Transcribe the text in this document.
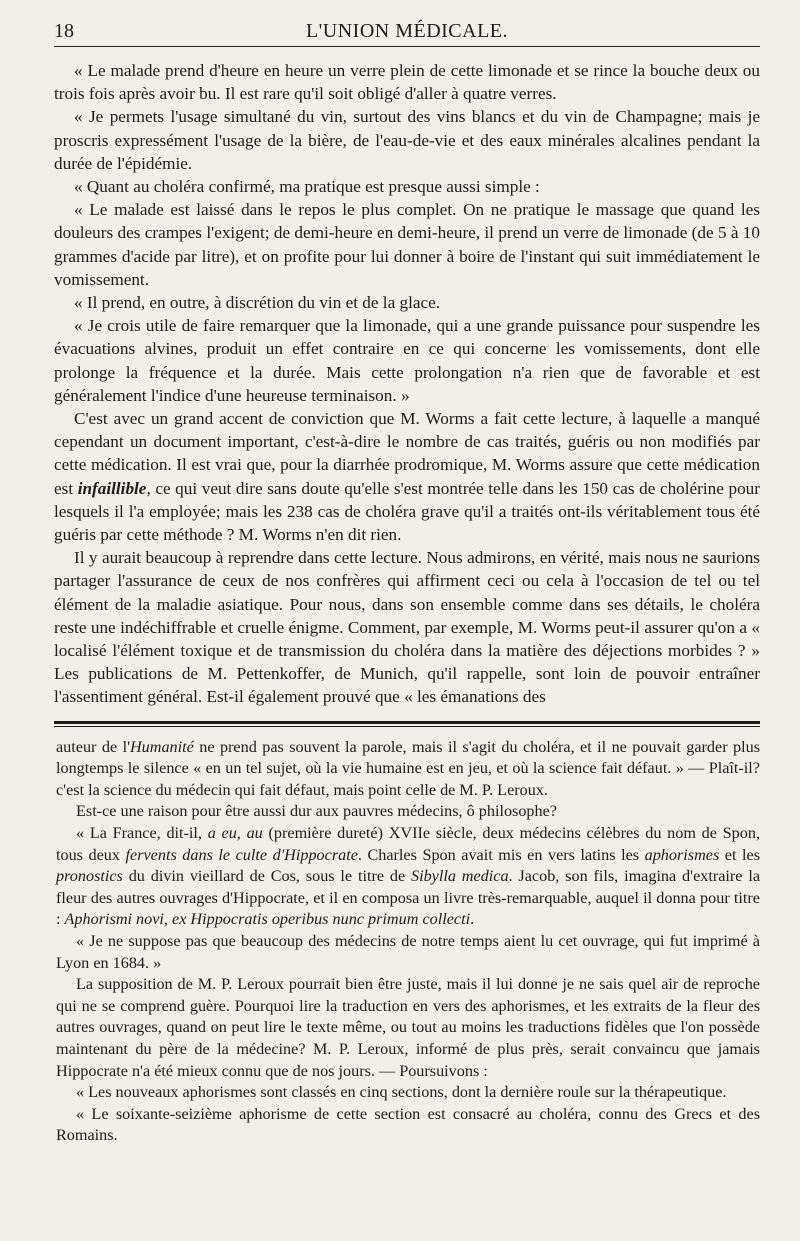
18	L'UNION MÉDICALE.

« Le malade prend d'heure en heure un verre plein de cette limonade et se rince la bouche deux ou trois fois après avoir bu. Il est rare qu'il soit obligé d'aller à quatre verres.

« Je permets l'usage simultané du vin, surtout des vins blancs et du vin de Champagne; mais je proscris expressément l'usage de la bière, de l'eau-de-vie et des eaux minérales alcalines pendant la durée de l'épidémie.

« Quant au choléra confirmé, ma pratique est presque aussi simple :

« Le malade est laissé dans le repos le plus complet. On ne pratique le massage que quand les douleurs des crampes l'exigent; de demi-heure en demi-heure, il prend un verre de limonade (de 5 à 10 grammes d'acide par litre), et on profite pour lui donner à boire de l'instant qui suit immédiatement le vomissement.

« Il prend, en outre, à discrétion du vin et de la glace.

« Je crois utile de faire remarquer que la limonade, qui a une grande puissance pour suspendre les évacuations alvines, produit un effet contraire en ce qui concerne les vomissements, dont elle prolonge la fréquence et la durée. Mais cette prolongation n'a rien que de favorable et est généralement l'indice d'une heureuse terminaison. »

C'est avec un grand accent de conviction que M. Worms a fait cette lecture, à laquelle a manqué cependant un document important, c'est-à-dire le nombre de cas traités, guéris ou non modifiés par cette médication. Il est vrai que, pour la diarrhée prodromique, M. Worms assure que cette médication est infaillible, ce qui veut dire sans doute qu'elle s'est montrée telle dans les 150 cas de cholérine pour lesquels il l'a employée; mais les 238 cas de choléra grave qu'il a traités ont-ils véritablement tous été guéris par cette méthode ? M. Worms n'en dit rien.

Il y aurait beaucoup à reprendre dans cette lecture. Nous admirons, en vérité, mais nous ne saurions partager l'assurance de ceux de nos confrères qui affirment ceci ou cela à l'occasion de tel ou tel élément de la maladie asiatique. Pour nous, dans son ensemble comme dans ses détails, le choléra reste une indéchiffrable et cruelle énigme. Comment, par exemple, M. Worms peut-il assurer qu'on a « localisé l'élément toxique et de transmission du choléra dans la matière des déjections morbides ? » Les publications de M. Pettenkoffer, de Munich, qu'il rappelle, sont loin de pouvoir entraîner l'assentiment général. Est-il également prouvé que « les émanations des

auteur de l'Humanité ne prend pas souvent la parole, mais il s'agit du choléra, et il ne pouvait garder plus longtemps le silence « en un tel sujet, où la vie humaine est en jeu, et où la science fait défaut. » — Plaît-il? c'est la science du médecin qui fait défaut, mais point celle de M. P. Leroux.

Est-ce une raison pour être aussi dur aux pauvres médecins, ô philosophe?

« La France, dit-il, a eu, au (première dureté) XVIIe siècle, deux médecins célèbres du nom de Spon, tous deux fervents dans le culte d'Hippocrate. Charles Spon avait mis en vers latins les aphorismes et les pronostics du divin vieillard de Cos, sous le titre de Sibylla medica. Jacob, son fils, imagina d'extraire la fleur des autres ouvrages d'Hippocrate, et il en composa un livre très-remarquable, auquel il donna pour titre : Aphorismi novi, ex Hippocratis operibus nunc primum collecti.

« Je ne suppose pas que beaucoup des médecins de notre temps aient lu cet ouvrage, qui fut imprimé à Lyon en 1684. »

La supposition de M. P. Leroux pourrait bien être juste, mais il lui donne je ne sais quel air de reproche qui ne se comprend guère. Pourquoi lire la traduction en vers des aphorismes, et les extraits de la fleur des autres ouvrages, quand on peut lire le texte même, ou tout au moins les traductions fidèles que l'on possède maintenant du père de la médecine? M. P. Leroux, informé de plus près, serait convaincu que jamais Hippocrate n'a été mieux connu que de nos jours. — Poursuivons :

« Les nouveaux aphorismes sont classés en cinq sections, dont la dernière roule sur la thérapeutique.

« Le soixante-seizième aphorisme de cette section est consacré au choléra, connu des Grecs et des Romains.
